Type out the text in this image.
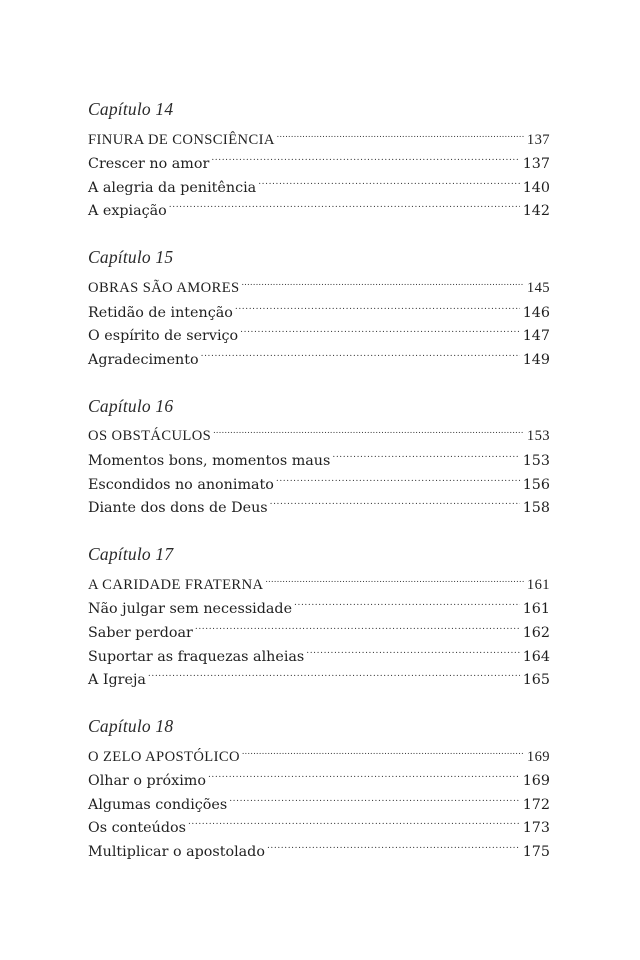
Capítulo 14
FINURA DE CONSCIÊNCIA .....	137
Crescer no amor .....	137
A alegria da penitência .....	140
A expiação .....	142
Capítulo 15
OBRAS SÃO AMORES .....	145
Retidão de intenção .....	146
O espírito de serviço .....	147
Agradecimento .....	149
Capítulo 16
OS OBSTÁCULOS .....	153
Momentos bons, momentos maus .....	153
Escondidos no anonimato .....	156
Diante dos dons de Deus .....	158
Capítulo 17
A CARIDADE FRATERNA .....	161
Não julgar sem necessidade .....	161
Saber perdoar .....	162
Suportar as fraquezas alheias .....	164
A Igreja .....	165
Capítulo 18
O ZELO APOSTÓLICO .....	169
Olhar o próximo .....	169
Algumas condições .....	172
Os conteúdos .....	173
Multiplicar o apostolado .....	175
